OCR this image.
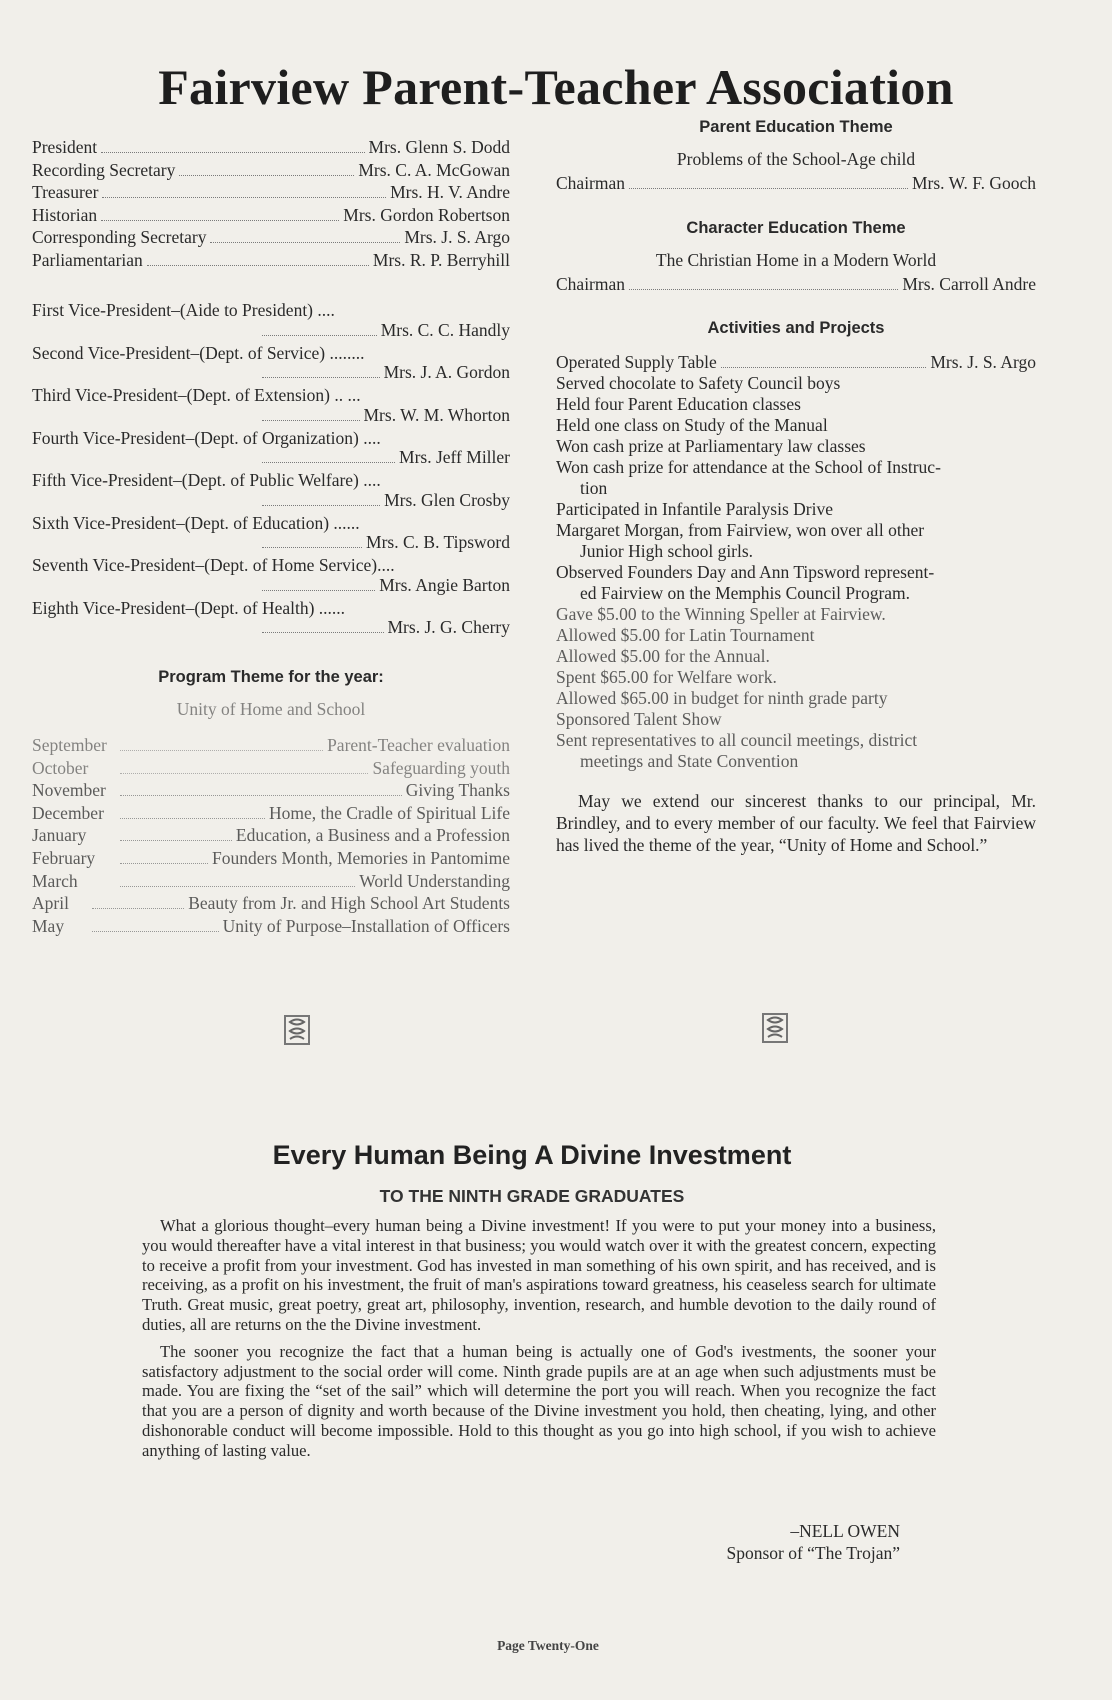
Fairview Parent-Teacher Association
President	Mrs. Glenn S. Dodd
Recording Secretary	Mrs. C. A. McGowan
Treasurer	Mrs. H. V. Andre
Historian	Mrs. Gordon Robertson
Corresponding Secretary	Mrs. J. S. Argo
Parliamentarian	Mrs. R. P. Berryhill
First Vice-President–(Aide to President) ....
Mrs. C. C. Handly
Second Vice-President–(Dept. of Service) ........
Mrs. J. A. Gordon
Third Vice-President–(Dept. of Extension) .. ...
Mrs. W. M. Whorton
Fourth Vice-President–(Dept. of Organization) ....
Mrs. Jeff Miller
Fifth Vice-President–(Dept. of Public Welfare) ....
Mrs. Glen Crosby
Sixth Vice-President–(Dept. of Education) ......
Mrs. C. B. Tipsword
Seventh Vice-President–(Dept. of Home Service)....
Mrs. Angie Barton
Eighth Vice-President–(Dept. of Health) ......
Mrs. J. G. Cherry
Program Theme for the year:
Unity of Home and School
September	Parent-Teacher evaluation
October	Safeguarding youth
November	Giving Thanks
December	Home, the Cradle of Spiritual Life
January	Education, a Business and a Profession
February	Founders Month, Memories in Pantomime
March	World Understanding
April	Beauty from Jr. and High School Art Students
May	Unity of Purpose–Installation of Officers
Parent Education Theme
Problems of the School-Age child
Chairman	Mrs. W. F. Gooch
Character Education Theme
The Christian Home in a Modern World
Chairman	Mrs. Carroll Andre
Activities and Projects
Operated Supply Table	Mrs. J. S. Argo
Served chocolate to Safety Council boys
Held four Parent Education classes
Held one class on Study of the Manual
Won cash prize at Parliamentary law classes
Won cash prize for attendance at the School of Instruc-
tion
Participated in Infantile Paralysis Drive
Margaret Morgan, from Fairview, won over all other
Junior High school girls.
Observed Founders Day and Ann Tipsword represent-
ed Fairview on the Memphis Council Program.
Gave $5.00 to the Winning Speller at Fairview.
Allowed $5.00 for Latin Tournament
Allowed $5.00 for the Annual.
Spent $65.00 for Welfare work.
Allowed $65.00 in budget for ninth grade party
Sponsored Talent Show
Sent representatives to all council meetings, district
meetings and State Convention
May we extend our sincerest thanks to our principal, Mr. Brindley, and to every member of our faculty. We feel that Fairview has lived the theme of the year, “Unity of Home and School.”
Every Human Being A Divine Investment
TO THE NINTH GRADE GRADUATES

What a glorious thought–every human being a Divine investment! If you were to put your money into a business, you would thereafter have a vital interest in that business; you would watch over it with the greatest concern, expecting to receive a profit from your investment. God has invested in man something of his own spirit, and has received, and is receiving, as a profit on his investment, the fruit of man's aspirations toward greatness, his ceaseless search for ultimate Truth. Great music, great poetry, great art, philosophy, invention, research, and humble devotion to the daily round of duties, all are returns on the the Divine investment.

The sooner you recognize the fact that a human being is actually one of God's ivestments, the sooner your satisfactory adjustment to the social order will come. Ninth grade pupils are at an age when such adjustments must be made. You are fixing the “set of the sail” which will determine the port you will reach. When you recognize the fact that you are a person of dignity and worth because of the Divine investment you hold, then cheating, lying, and other dishonorable conduct will become impossible. Hold to this thought as you go into high school, if you wish to achieve anything of lasting value.

–NELL OWEN
Sponsor of “The Trojan”
Page Twenty-One
